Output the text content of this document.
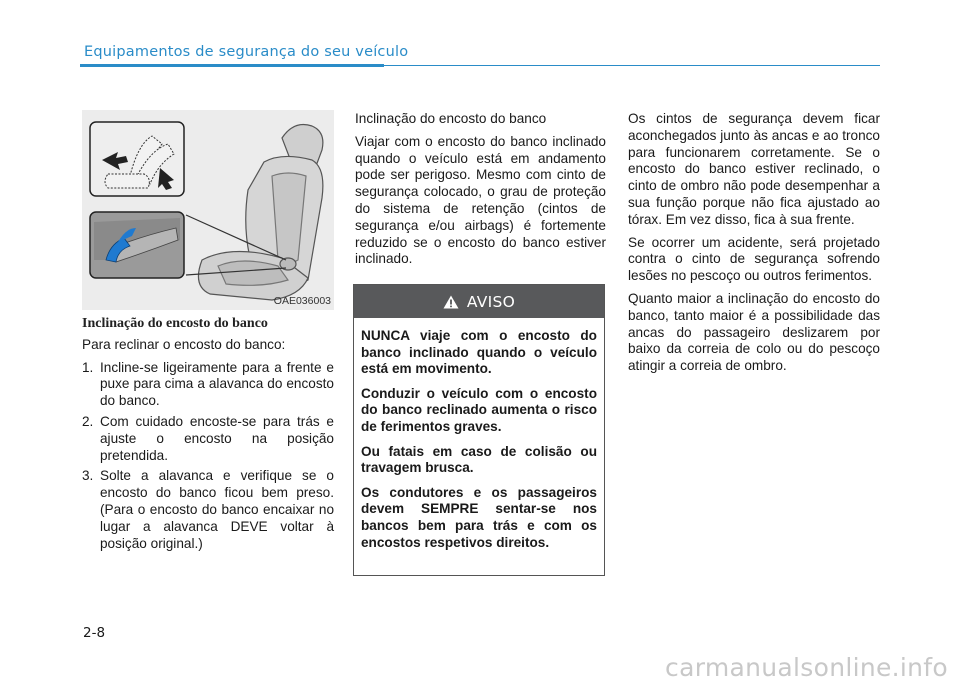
Equipamentos de segurança do seu veículo
OAE036003
Inclinação do encosto do banco

Para reclinar o encosto do banco:

1. Incline-se ligeiramente para a frente e puxe para cima a alavanca do encosto do banco.
2. Com cuidado encoste-se para trás e ajuste o encosto na posição pretendida.
3. Solte a alavanca e verifique se o encosto do banco ficou bem preso. (Para o encosto do banco encaixar no lugar a alavanca DEVE voltar à posição original.)

Inclinação do encosto do banco

Viajar com o encosto do banco inclinado quando o veículo está em andamento pode ser perigoso. Mesmo com cinto de segurança colocado, o grau de proteção do sistema de retenção (cintos de segurança e/ou airbags) é fortemente reduzido se o encosto do banco estiver inclinado.

AVISO

NUNCA viaje com o encosto do banco inclinado quando o veículo está em movimento.

Conduzir o veículo com o encosto do banco reclinado aumenta o risco de ferimentos graves.

Ou fatais em caso de colisão ou travagem brusca.

Os condutores e os passageiros devem SEMPRE sentar-se nos bancos bem para trás e com os encostos respetivos direitos.

Os cintos de segurança devem ficar aconchegados junto às ancas e ao tronco para funcionarem corretamente. Se o encosto do banco estiver reclinado, o cinto de ombro não pode desempenhar a sua função porque não fica ajustado ao tórax. Em vez disso, fica à sua frente.

Se ocorrer um acidente, será projetado contra o cinto de segurança sofrendo lesões no pescoço ou outros ferimentos.

Quanto maior a inclinação do encosto do banco, tanto maior é a possibilidade das ancas do passageiro deslizarem por baixo da correia de colo ou do pescoço atingir a correia de ombro.

2-8
carmanualsonline.info
